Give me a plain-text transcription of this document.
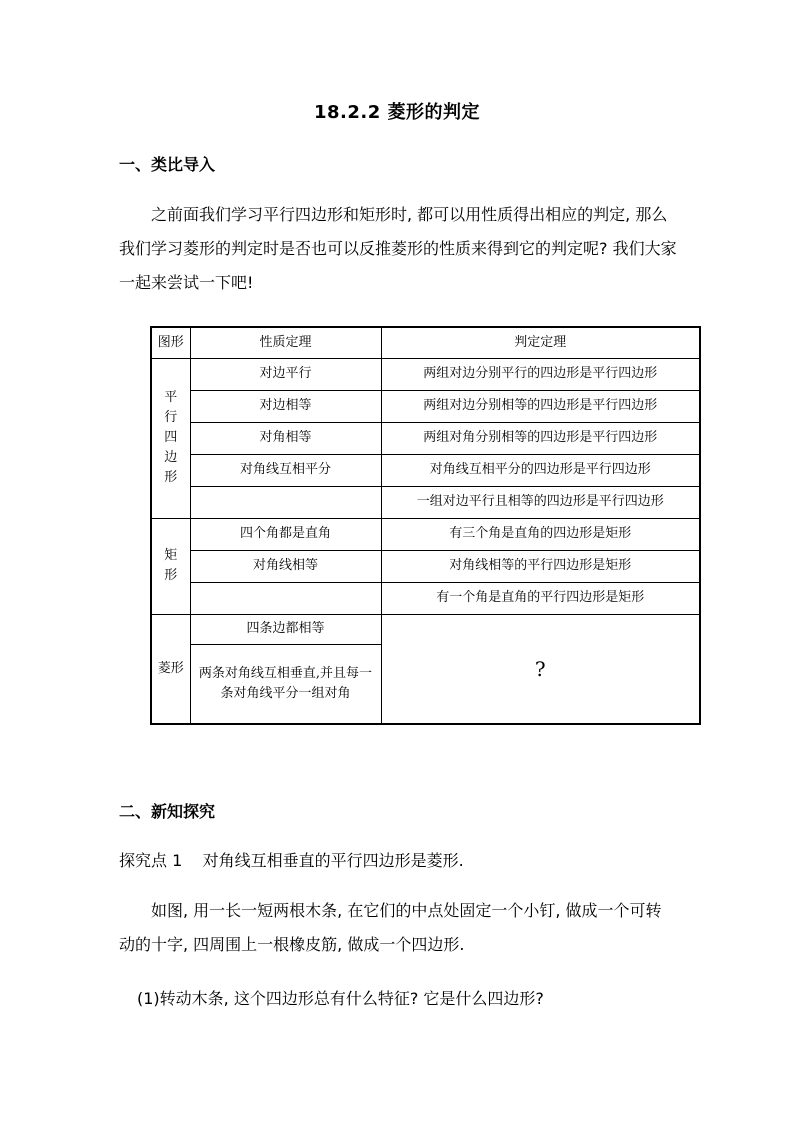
18.2.2 菱形的判定
一、类比导入

之前面我们学习平行四边形和矩形时, 都可以用性质得出相应的判定, 那么我们学习菱形的判定时是否也可以反推菱形的性质来得到它的判定呢? 我们大家一起来尝试一下吧!

图形	性质定理	判定定理
平
行
四
边
形	对边平行	两组对边分别平行的四边形是平行四边形
	对边相等	两组对边分别相等的四边形是平行四边形
	对角相等	两组对角分别相等的四边形是平行四边形
	对角线互相平分	对角线互相平分的四边形是平行四边形
		一组对边平行且相等的四边形是平行四边形
矩
形	四个角都是直角	有三个角是直角的四边形是矩形
	对角线相等	对角线相等的平行四边形是矩形
		有一个角是直角的平行四边形是矩形
菱形	四条边都相等	?
	两条对角线互相垂直,并且每一条对角线平分一组对角	
二、新知探究
探究点 1    对角线互相垂直的平行四边形是菱形.

如图, 用一长一短两根木条, 在它们的中点处固定一个小钉, 做成一个可转动的十字, 四周围上一根橡皮筋, 做成一个四边形.

(1)转动木条, 这个四边形总有什么特征? 它是什么四边形?
